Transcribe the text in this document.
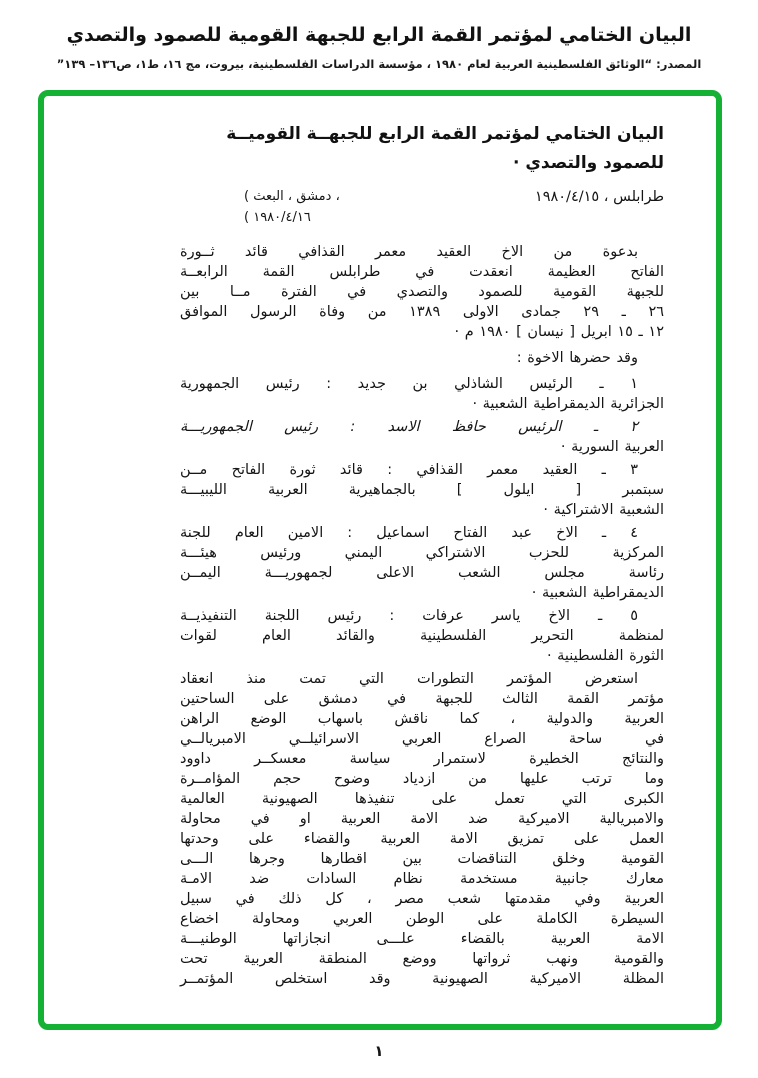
البيان الختامي لمؤتمر القمة الرابع للجبهة القومية للصمود والتصدي
المصدر: “الوثائق الفلسطينية العربية لعام ١٩٨٠ ، مؤسسة الدراسات الفلسطينية، بيروت، مج ١٦، ط١، ص١٣٦– ١٣٩”
البيان الختامي لمؤتمر القمة الرابع للجبهــة القوميــة
للصمود والتصدي ·
طرابلس ، ١٩٨٠/٤/١٥
( البعث‎ ، دمشق‎ ،
( ١٩٨٠/٤/١٦
بدعوة من الاخ العقيد معمر القذافي قائد ثــورة
الفاتح العظيمة انعقدت في طرابلس القمة الرابعــة
للجبهة القومية للصمود والتصدي في الفترة مــا بين
٢٦ ـ ٢٩ جمادى الاولى ١٣٨٩ من وفاة الرسول الموافق
١٢ ـ ١٥ ابريل [ نيسان ] ١٩٨٠ م ·
وقد حضرها الاخوة :
١ ـ الرئيس الشاذلي بن جديد : رئيس الجمهورية
الجزائرية الديمقراطية الشعبية ·
٢ ـ الرئيس حافظ الاسد : رئيس الجمهوريـــة
العربية السورية ·
٣ ـ العقيد معمر القذافي : قائد ثورة الفاتح مــن
سبتمبر [ ايلول ] بالجماهيرية العربية الليبيـــة
الشعبية الاشتراكية ·
٤ ـ الاخ عبد الفتاح اسماعيل : الامين العام للجنة
المركزية للحزب الاشتراكي اليمني ورئيس هيئـــة
رئاسة مجلس الشعب الاعلى لجمهوريـــة اليمــن
الديمقراطية الشعبية ·
٥ ـ الاخ ياسر عرفات : رئيس اللجنة التنفيذيــة
لمنظمة التحرير الفلسطينية والقائد العام لقوات
الثورة الفلسطينية ·
استعرض المؤتمر التطورات التي تمت منذ انعقاد
مؤتمر القمة الثالث للجبهة في دمشق على الساحتين
العربية والدولية ، كما ناقش باسهاب الوضع الراهن
في ساحة الصراع العربي الاسرائيلــي الامبريالــي
والنتائج الخطيرة لاستمرار سياسة معسكــر داوود
وما ترتب عليها من ازدياد وضوح حجم المؤامــرة
الكبرى التي تعمل على تنفيذها الصهيونية العالمية
والامبريالية الاميركية ضد الامة العربية او في محاولة
العمل على تمزيق الامة العربية والقضاء على وحدتها
القومية وخلق التناقضات بين اقطارها وجرها الـــى
معارك جانبية مستخدمة نظام السادات ضد الامـة
العربية وفي مقدمتها شعب مصر ، كل ذلك في سبيل
السيطرة الكاملة على الوطن العربي ومحاولة اخضاع
الامة العربية بالقضاء علـــى انجازاتها الوطنيـــة
والقومية ونهب ثرواتها ووضع المنطقة العربية تحت
المظلة الاميركية الصهيونية وقد استخلص المؤتمــر
١
